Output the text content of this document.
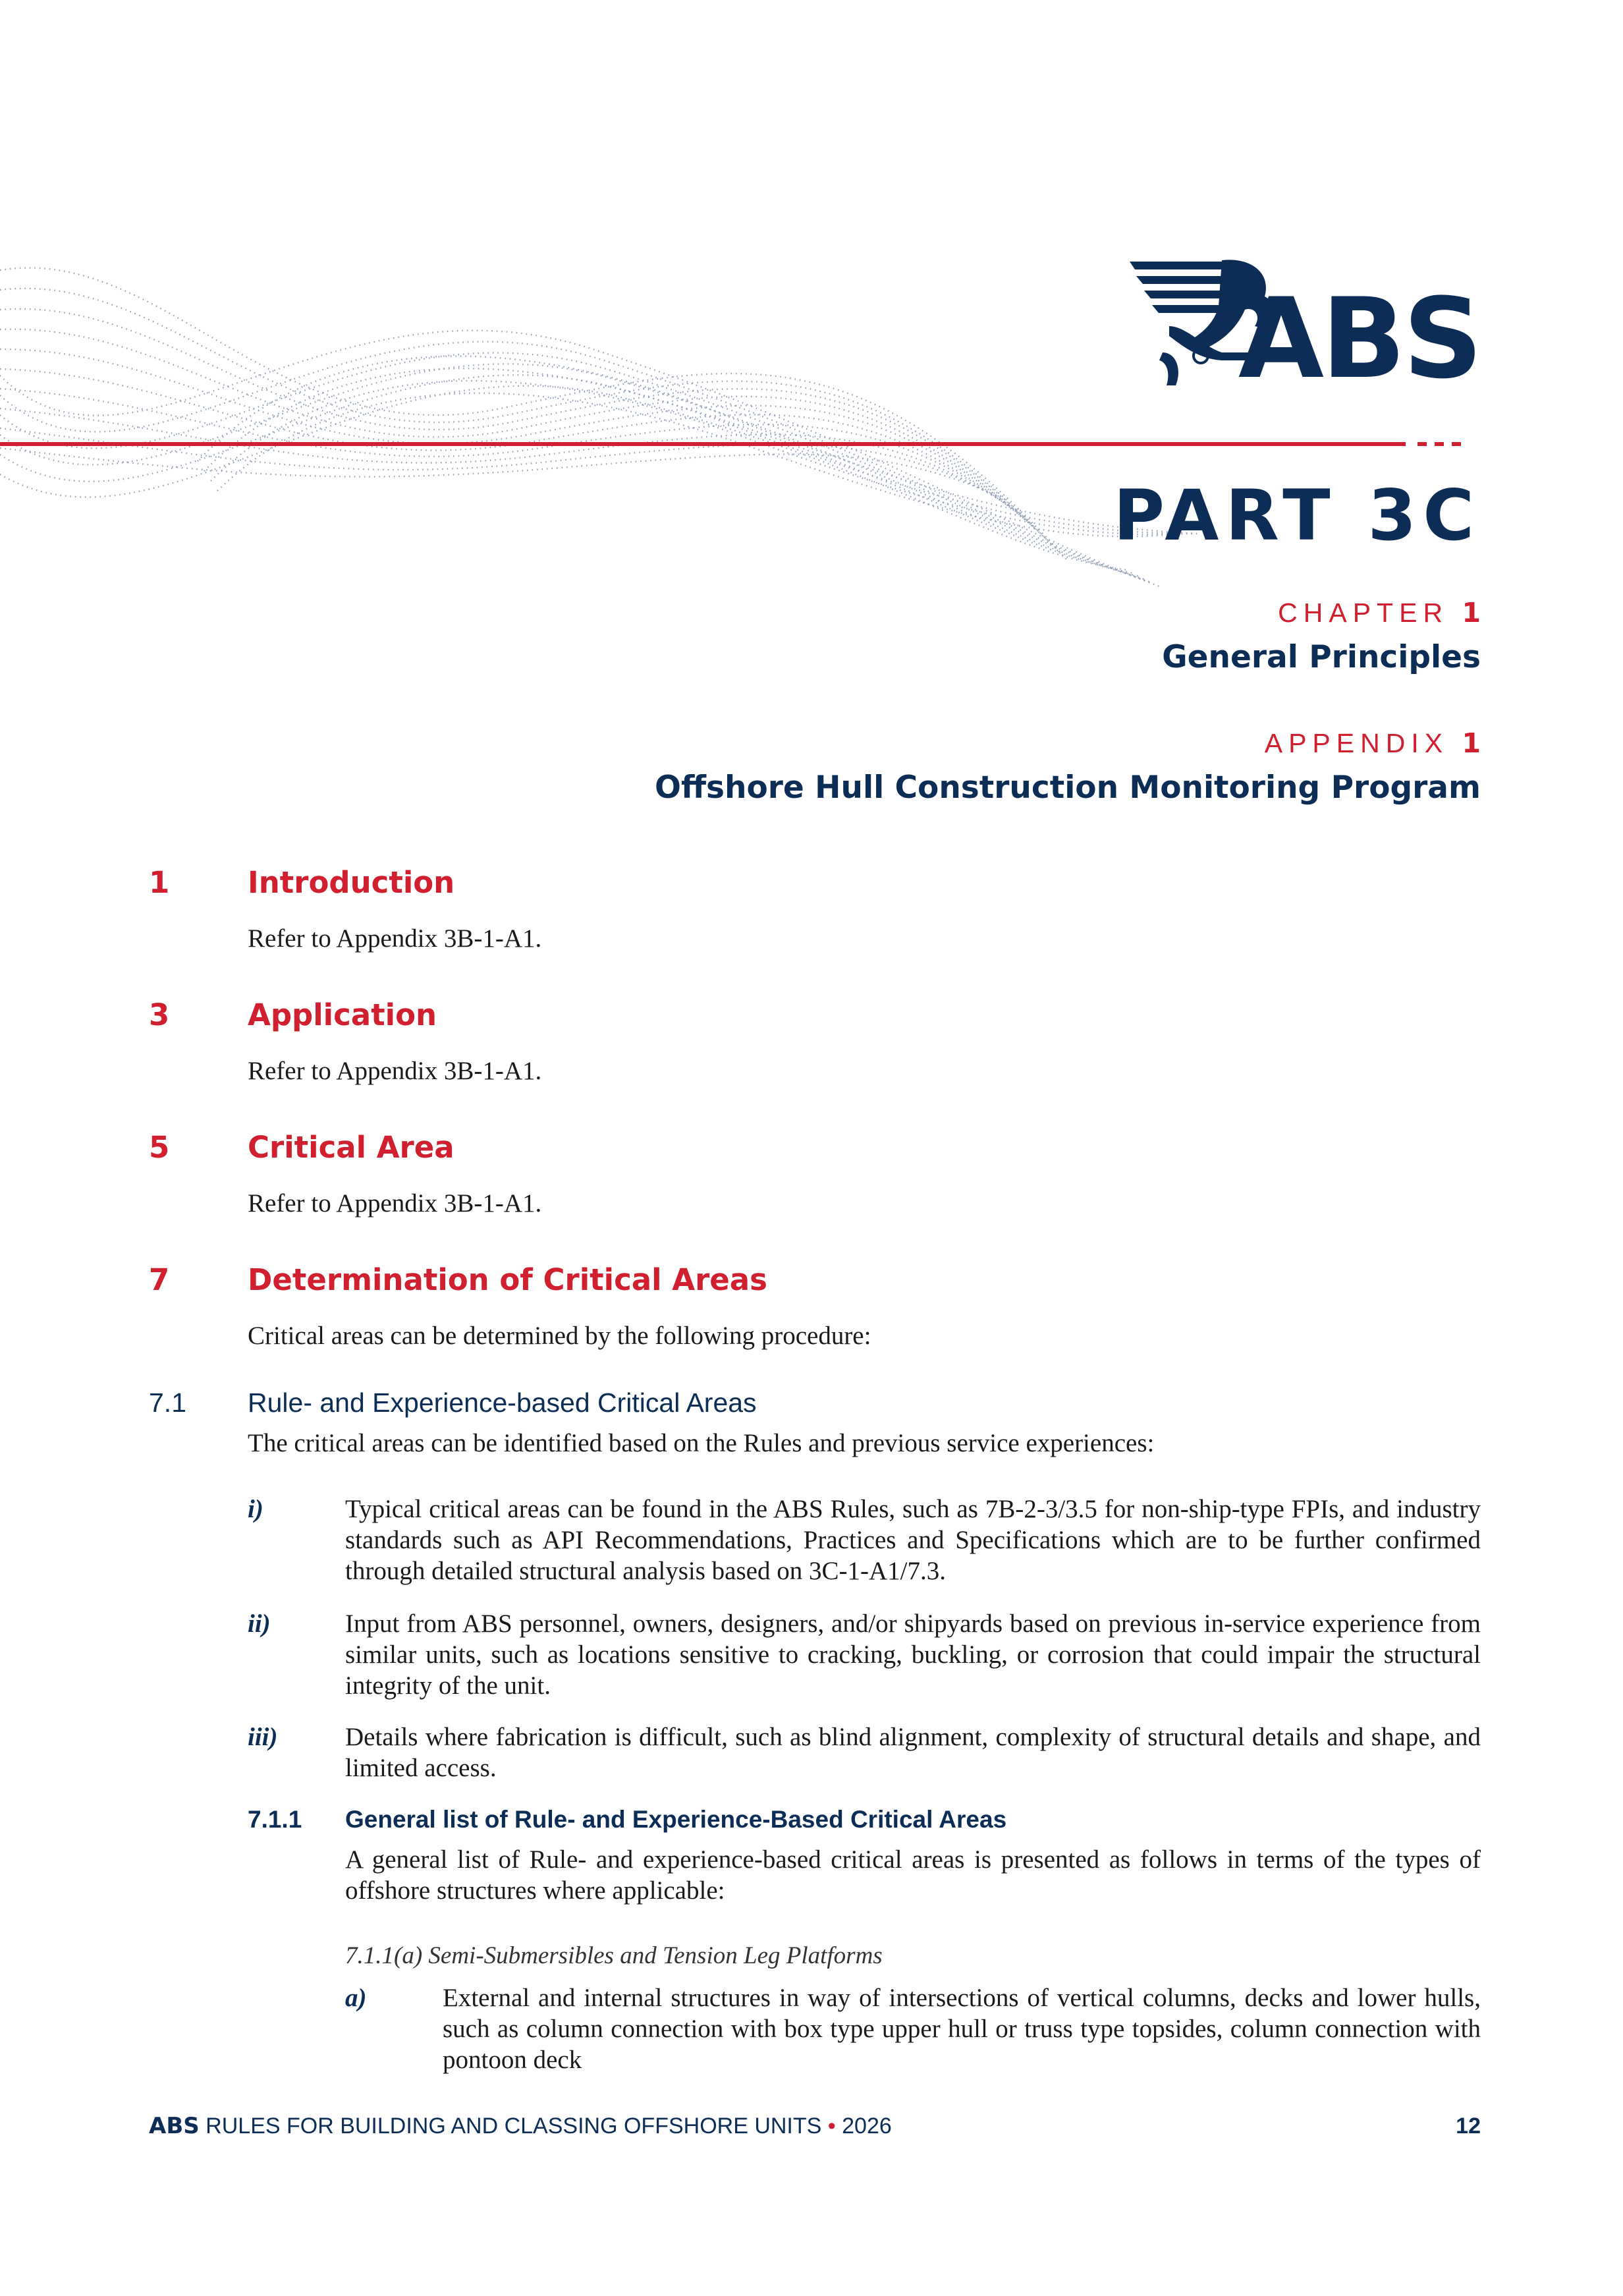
ABS
PART 3C
CHAPTER 1
General Principles
APPENDIX 1
Offshore Hull Construction Monitoring Program
1	Introduction

Refer to Appendix 3B-1-A1.

3	Application

Refer to Appendix 3B-1-A1.

5	Critical Area

Refer to Appendix 3B-1-A1.

7	Determination of Critical Areas

Critical areas can be determined by the following procedure:

7.1 Rule- and Experience-based Critical Areas

The critical areas can be identified based on the Rules and previous service experiences:

i)	Typical critical areas can be found in the ABS Rules, such as 7B-2-3/3.5 for non-ship-type FPIs, and industry standards such as API Recommendations, Practices and Specifications which are to be further confirmed through detailed structural analysis based on 3C-1-A1/7.3.

ii)	Input from ABS personnel, owners, designers, and/or shipyards based on previous in-service experience from similar units, such as locations sensitive to cracking, buckling, or corrosion that could impair the structural integrity of the unit.

iii)	Details where fabrication is difficult, such as blind alignment, complexity of structural details and shape, and limited access.

7.1.1 General list of Rule- and Experience-Based Critical Areas

A general list of Rule- and experience-based critical areas is presented as follows in terms of the types of offshore structures where applicable:

7.1.1(a) Semi-Submersibles and Tension Leg Platforms
a)	External and internal structures in way of intersections of vertical columns, decks and lower hulls, such as column connection with box type upper hull or truss type topsides, column connection with pontoon deck

ABS RULES FOR BUILDING AND CLASSING OFFSHORE UNITS • 2026	12
